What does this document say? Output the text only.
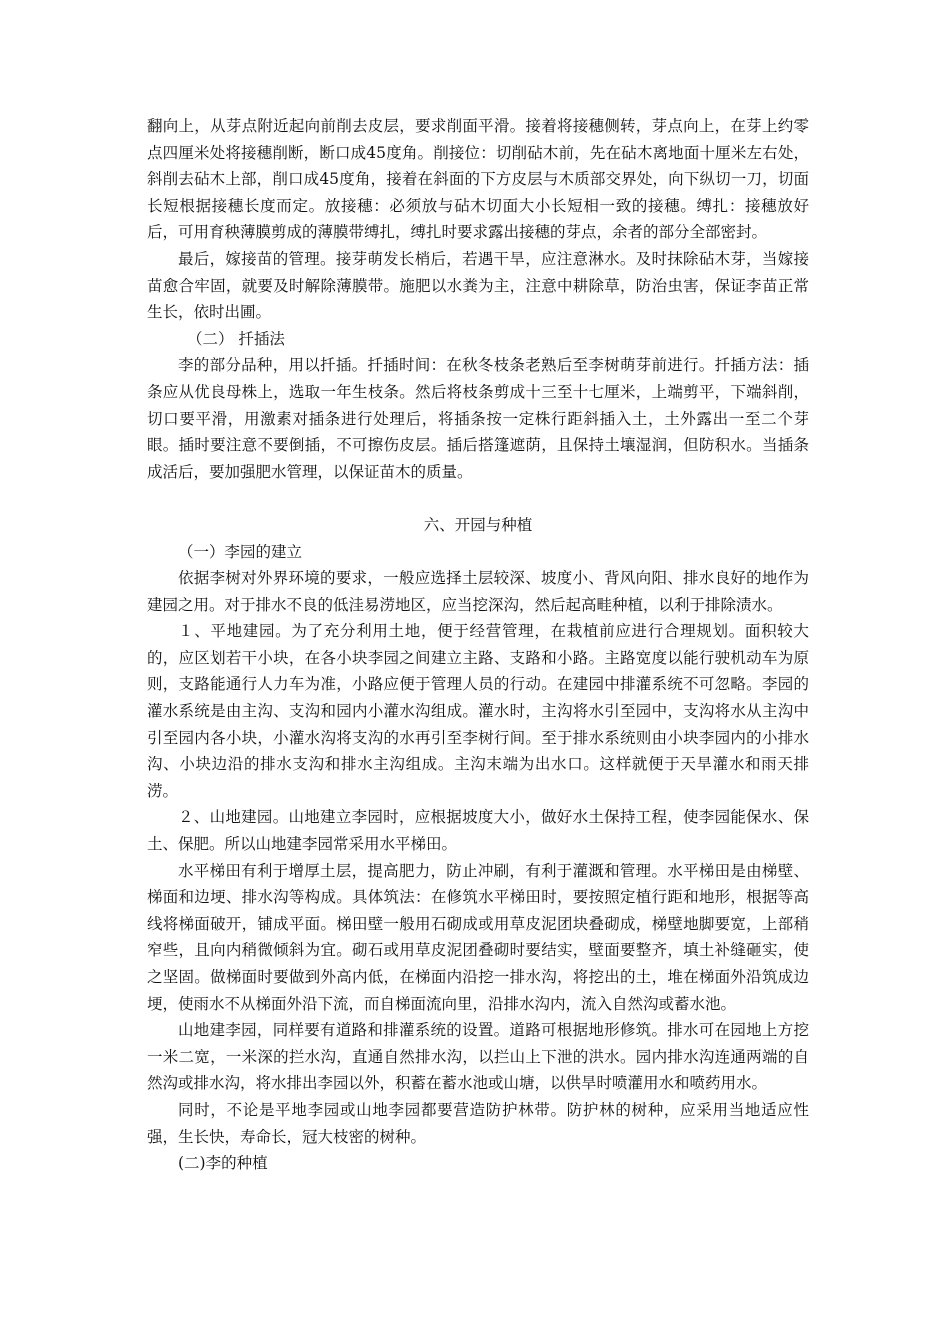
翻向上，从芽点附近起向前削去皮层，要求削面平滑。接着将接穗侧转，芽点向上，在芽上约零点四厘米处将接穗削断，断口成45度角。削接位：切削砧木前，先在砧木离地面十厘米左右处，斜削去砧木上部，削口成45度角，接着在斜面的下方皮层与木质部交界处，向下纵切一刀，切面长短根据接穗长度而定。放接穗：必须放与砧木切面大小长短相一致的接穗。缚扎：接穗放好后，可用育秧薄膜剪成的薄膜带缚扎，缚扎时要求露出接穗的芽点，余者的部分全部密封。

最后，嫁接苗的管理。接芽萌发长梢后，若遇干旱，应注意淋水。及时抹除砧木芽，当嫁接苗愈合牢固，就要及时解除薄膜带。施肥以水粪为主，注意中耕除草，防治虫害，保证李苗正常生长，依时出圃。

（二） 扦插法

李的部分品种，用以扦插。扦插时间：在秋冬枝条老熟后至李树萌芽前进行。扦插方法：插条应从优良母株上，选取一年生枝条。然后将枝条剪成十三至十七厘米，上端剪平，下端斜削，切口要平滑，用激素对插条进行处理后，将插条按一定株行距斜插入土，土外露出一至二个芽眼。插时要注意不要倒插，不可擦伤皮层。插后搭篷遮荫，且保持土壤湿润，但防积水。当插条成活后，要加强肥水管理，以保证苗木的质量。

六、开园与种植

（一）李园的建立

依据李树对外界环境的要求，一般应选择土层较深、坡度小、背风向阳、排水良好的地作为建园之用。对于排水不良的低洼易涝地区，应当挖深沟，然后起高畦种植，以利于排除渍水。

１、平地建园。为了充分利用土地，便于经营管理，在栽植前应进行合理规划。面积较大的，应区划若干小块，在各小块李园之间建立主路、支路和小路。主路宽度以能行驶机动车为原则，支路能通行人力车为准，小路应便于管理人员的行动。在建园中排灌系统不可忽略。李园的灌水系统是由主沟、支沟和园内小灌水沟组成。灌水时，主沟将水引至园中，支沟将水从主沟中引至园内各小块，小灌水沟将支沟的水再引至李树行间。至于排水系统则由小块李园内的小排水沟、小块边沿的排水支沟和排水主沟组成。主沟末端为出水口。这样就便于天旱灌水和雨天排涝。

２、山地建园。山地建立李园时，应根据坡度大小，做好水土保持工程，使李园能保水、保土、保肥。所以山地建李园常采用水平梯田。

水平梯田有利于增厚土层，提高肥力，防止冲刷，有利于灌溉和管理。水平梯田是由梯壁、梯面和边埂、排水沟等构成。具体筑法：在修筑水平梯田时，要按照定植行距和地形，根据等高线将梯面破开，铺成平面。梯田壁一般用石砌成或用草皮泥团块叠砌成，梯壁地脚要宽，上部稍窄些，且向内稍微倾斜为宜。砌石或用草皮泥团叠砌时要结实，壁面要整齐，填土补缝砸实，使之坚固。做梯面时要做到外高内低，在梯面内沿挖一排水沟，将挖出的土，堆在梯面外沿筑成边埂，使雨水不从梯面外沿下流，而自梯面流向里，沿排水沟内，流入自然沟或蓄水池。

山地建李园，同样要有道路和排灌系统的设置。道路可根据地形修筑。排水可在园地上方挖一米二宽，一米深的拦水沟，直通自然排水沟，以拦山上下泄的洪水。园内排水沟连通两端的自然沟或排水沟，将水排出李园以外，积蓄在蓄水池或山塘，以供旱时喷灌用水和喷药用水。

同时，不论是平地李园或山地李园都要营造防护林带。防护林的树种，应采用当地适应性强，生长快，寿命长，冠大枝密的树种。

(二)李的种植
